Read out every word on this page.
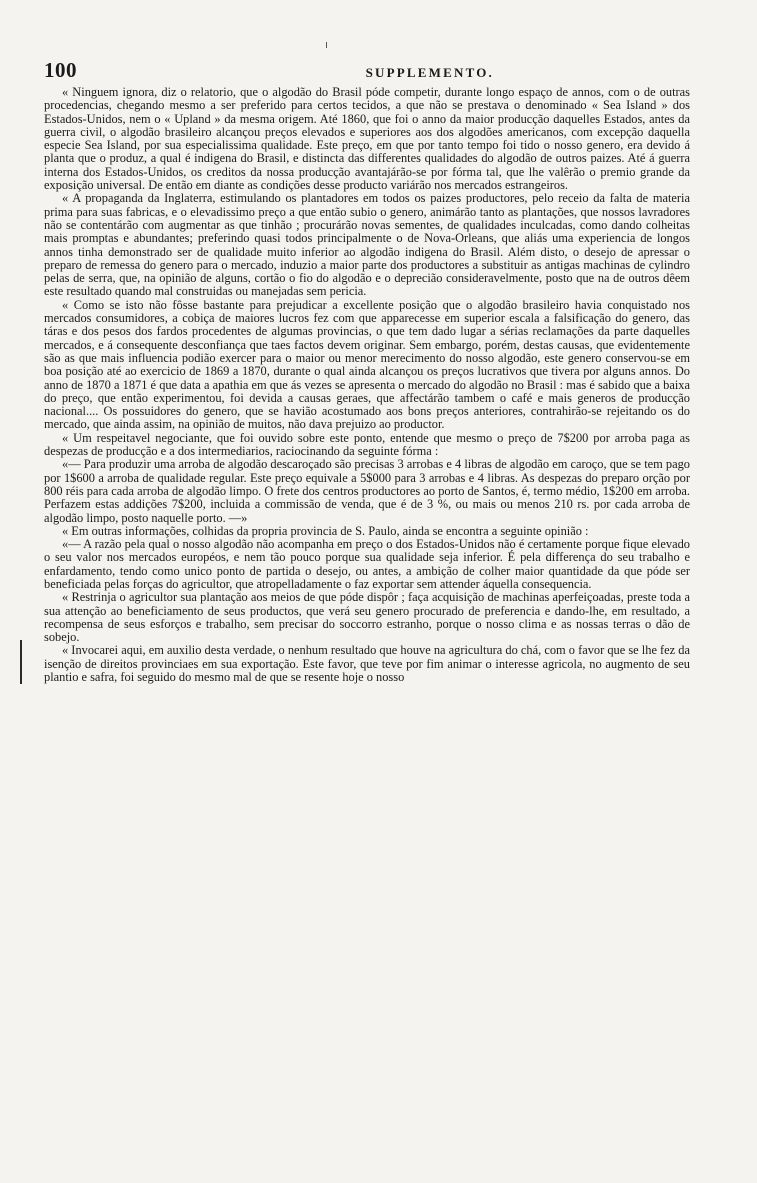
100	SUPPLEMENTO.

« Ninguem ignora, diz o relatorio, que o algodão do Brasil póde competir, durante longo espaço de annos, com o de outras procedencias, chegando mesmo a ser preferido para certos tecidos, a que não se prestava o denominado « Sea Island » dos Estados-Unidos, nem o « Upland » da mesma origem. Até 1860, que foi o anno da maior producção daquelles Estados, antes da guerra civil, o algodão brasileiro alcançou preços elevados e superiores aos dos algodões americanos, com excepção daquella especie Sea Island, por sua especialissima qualidade. Este preço, em que por tanto tempo foi tido o nosso genero, era devido á planta que o produz, a qual é indigena do Brasil, e distincta das differentes qualidades do algodão de outros paizes. Até á guerra interna dos Estados-Unidos, os creditos da nossa producção avantajárão-se por fórma tal, que lhe valêrão o premio grande da exposição universal. De então em diante as condições desse producto variárão nos mercados estrangeiros.

« A propaganda da Inglaterra, estimulando os plantadores em todos os paizes productores, pelo receio da falta de materia prima para suas fabricas, e o elevadissimo preço a que então subio o genero, animárão tanto as plantações, que nossos lavradores não se contentárão com augmentar as que tinhão ; procurárão novas sementes, de qualidades inculcadas, como dando colheitas mais promptas e abundantes; preferindo quasi todos principalmente o de Nova-Orleans, que aliás uma experiencia de longos annos tinha demonstrado ser de qualidade muito inferior ao algodão indigena do Brasil. Além disto, o desejo de apressar o preparo de remessa do genero para o mercado, induzio a maior parte dos productores a substituir as antigas machinas de cylindro pelas de serra, que, na opinião de alguns, cortão o fio do algodão e o deprecião consideravelmente, posto que na de outros dêem este resultado quando mal construidas ou manejadas sem pericia.

« Como se isto não fôsse bastante para prejudicar a excellente posição que o algodão brasileiro havia conquistado nos mercados consumidores, a cobiça de maiores lucros fez com que apparecesse em superior escala a falsificação do genero, das táras e dos pesos dos fardos procedentes de algumas provincias, o que tem dado lugar a sérias reclamações da parte daquelles mercados, e á consequente desconfiança que taes factos devem originar. Sem embargo, porém, destas causas, que evidentemente são as que mais influencia podião exercer para o maior ou menor merecimento do nosso algodão, este genero conservou-se em boa posição até ao exercicio de 1869 a 1870, durante o qual ainda alcançou os preços lucrativos que tivera por alguns annos. Do anno de 1870 a 1871 é que data a apathia em que ás vezes se apresenta o mercado do algodão no Brasil : mas é sabido que a baixa do preço, que então experimentou, foi devida a causas geraes, que affectárão tambem o café e mais generos de producção nacional.... Os possuidores do genero, que se havião acostumado aos bons preços anteriores, contrahirão-se rejeitando os do mercado, que ainda assim, na opinião de muitos, não dava prejuizo ao productor.

« Um respeitavel negociante, que foi ouvido sobre este ponto, entende que mesmo o preço de 7$200 por arroba paga as despezas de producção e a dos intermediarios, raciocinando da seguinte fórma :

«— Para produzir uma arroba de algodão descaroçado são precisas 3 arrobas e 4 libras de algodão em caroço, que se tem pago por 1$600 a arroba de qualidade regular. Este preço equivale a 5$000 para 3 arrobas e 4 libras. As despezas do preparo orção por 800 réis para cada arroba de algodão limpo. O frete dos centros productores ao porto de Santos, é, termo médio, 1$200 em arroba. Perfazem estas addições 7$200, incluida a commissão de venda, que é de 3 %, ou mais ou menos 210 rs. por cada arroba de algodão limpo, posto naquelle porto. —»

« Em outras informações, colhidas da propria provincia de S. Paulo, ainda se encontra a seguinte opinião :

«— A razão pela qual o nosso algodão não acompanha em preço o dos Estados-Unidos não é certamente porque fique elevado o seu valor nos mercados européos, e nem tão pouco porque sua qualidade seja inferior. É pela differença do seu trabalho e enfardamento, tendo como unico ponto de partida o desejo, ou antes, a ambição de colher maior quantidade da que póde ser beneficiada pelas forças do agricultor, que atropelladamente o faz exportar sem attender áquella consequencia.

« Restrinja o agricultor sua plantação aos meios de que póde dispôr ; faça acquisição de machinas aperfeiçoadas, preste toda a sua attenção ao beneficiamento de seus productos, que verá seu genero procurado de preferencia e dando-lhe, em resultado, a recompensa de seus esforços e trabalho, sem precisar do soccorro estranho, porque o nosso clima e as nossas terras o dão de sobejo.

« Invocarei aqui, em auxilio desta verdade, o nenhum resultado que houve na agricultura do chá, com o favor que se lhe fez da isenção de direitos provinciaes em sua exportação. Este favor, que teve por fim animar o interesse agricola, no augmento de seu plantio e safra, foi seguido do mesmo mal de que se resente hoje o nosso
